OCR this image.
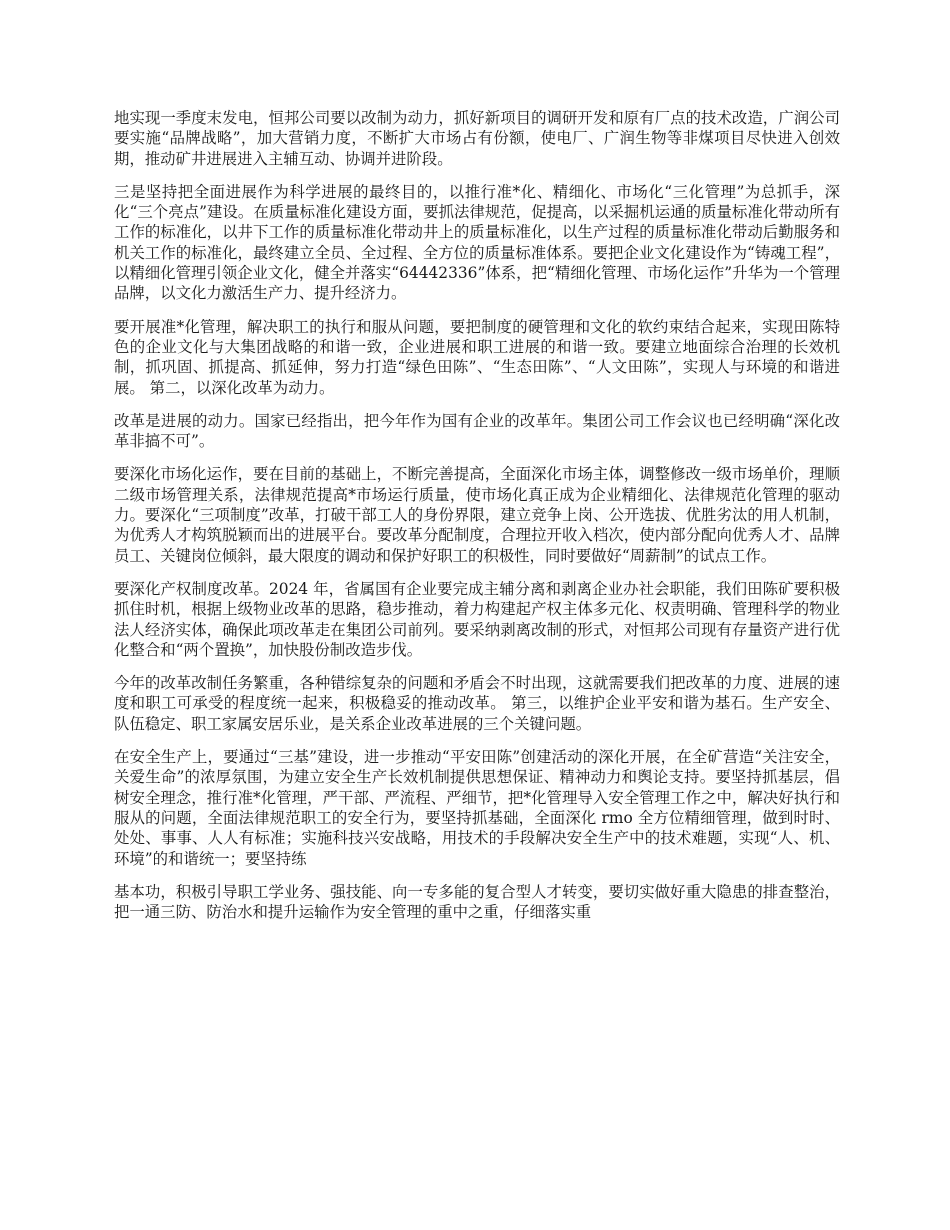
地实现一季度末发电，恒邦公司要以改制为动力，抓好新项目的调研开发和原有厂点的技术改造，广润公司要实施“品牌战略”，加大营销力度，不断扩大市场占有份额，使电厂、广润生物等非煤项目尽快进入创效期，推动矿井进展进入主辅互动、协调并进阶段。

三是坚持把全面进展作为科学进展的最终目的，以推行准*化、精细化、市场化“三化管理”为总抓手，深化“三个亮点”建设。在质量标准化建设方面，要抓法律规范，促提高，以采掘机运通的质量标准化带动所有工作的标准化，以井下工作的质量标准化带动井上的质量标准化，以生产过程的质量标准化带动后勤服务和机关工作的标准化，最终建立全员、全过程、全方位的质量标准体系。要把企业文化建设作为“铸魂工程”，以精细化管理引领企业文化，健全并落实“64442336”体系，把“精细化管理、市场化运作”升华为一个管理品牌，以文化力激活生产力、提升经济力。

要开展准*化管理，解决职工的执行和服从问题，要把制度的硬管理和文化的软约束结合起来，实现田陈特色的企业文化与大集团战略的和谐一致，企业进展和职工进展的和谐一致。要建立地面综合治理的长效机制，抓巩固、抓提高、抓延伸，努力打造“绿色田陈”、“生态田陈”、“人文田陈”，实现人与环境的和谐进展。 第二，以深化改革为动力。

改革是进展的动力。国家已经指出，把今年作为国有企业的改革年。集团公司工作会议也已经明确“深化改革非搞不可”。

要深化市场化运作，要在目前的基础上，不断完善提高，全面深化市场主体，调整修改一级市场单价，理顺二级市场管理关系，法律规范提高*市场运行质量，使市场化真正成为企业精细化、法律规范化管理的驱动力。要深化“三项制度”改革，打破干部工人的身份界限，建立竞争上岗、公开选拔、优胜劣汰的用人机制，为优秀人才构筑脱颖而出的进展平台。要改革分配制度，合理拉开收入档次，使内部分配向优秀人才、品牌员工、关键岗位倾斜，最大限度的调动和保护好职工的积极性，同时要做好“周薪制”的试点工作。

要深化产权制度改革。2024 年，省属国有企业要完成主辅分离和剥离企业办社会职能，我们田陈矿要积极抓住时机，根据上级物业改革的思路，稳步推动，着力构建起产权主体多元化、权责明确、管理科学的物业法人经济实体，确保此项改革走在集团公司前列。要采纳剥离改制的形式，对恒邦公司现有存量资产进行优化整合和“两个置换”，加快股份制改造步伐。

今年的改革改制任务繁重，各种错综复杂的问题和矛盾会不时出现，这就需要我们把改革的力度、进展的速度和职工可承受的程度统一起来，积极稳妥的推动改革。 第三，以维护企业平安和谐为基石。生产安全、队伍稳定、职工家属安居乐业，是关系企业改革进展的三个关键问题。

在安全生产上，要通过“三基”建设，进一步推动“平安田陈”创建活动的深化开展，在全矿营造“关注安全，关爱生命”的浓厚氛围，为建立安全生产长效机制提供思想保证、精神动力和舆论支持。要坚持抓基层，倡树安全理念，推行准*化管理，严干部、严流程、严细节，把*化管理导入安全管理工作之中，解决好执行和服从的问题，全面法律规范职工的安全行为，要坚持抓基础，全面深化 rmo 全方位精细管理，做到时时、处处、事事、人人有标准；实施科技兴安战略，用技术的手段解决安全生产中的技术难题，实现“人、机、环境”的和谐统一；要坚持练

基本功，积极引导职工学业务、强技能、向一专多能的复合型人才转变，要切实做好重大隐患的排查整治，把一通三防、防治水和提升运输作为安全管理的重中之重，仔细落实重
